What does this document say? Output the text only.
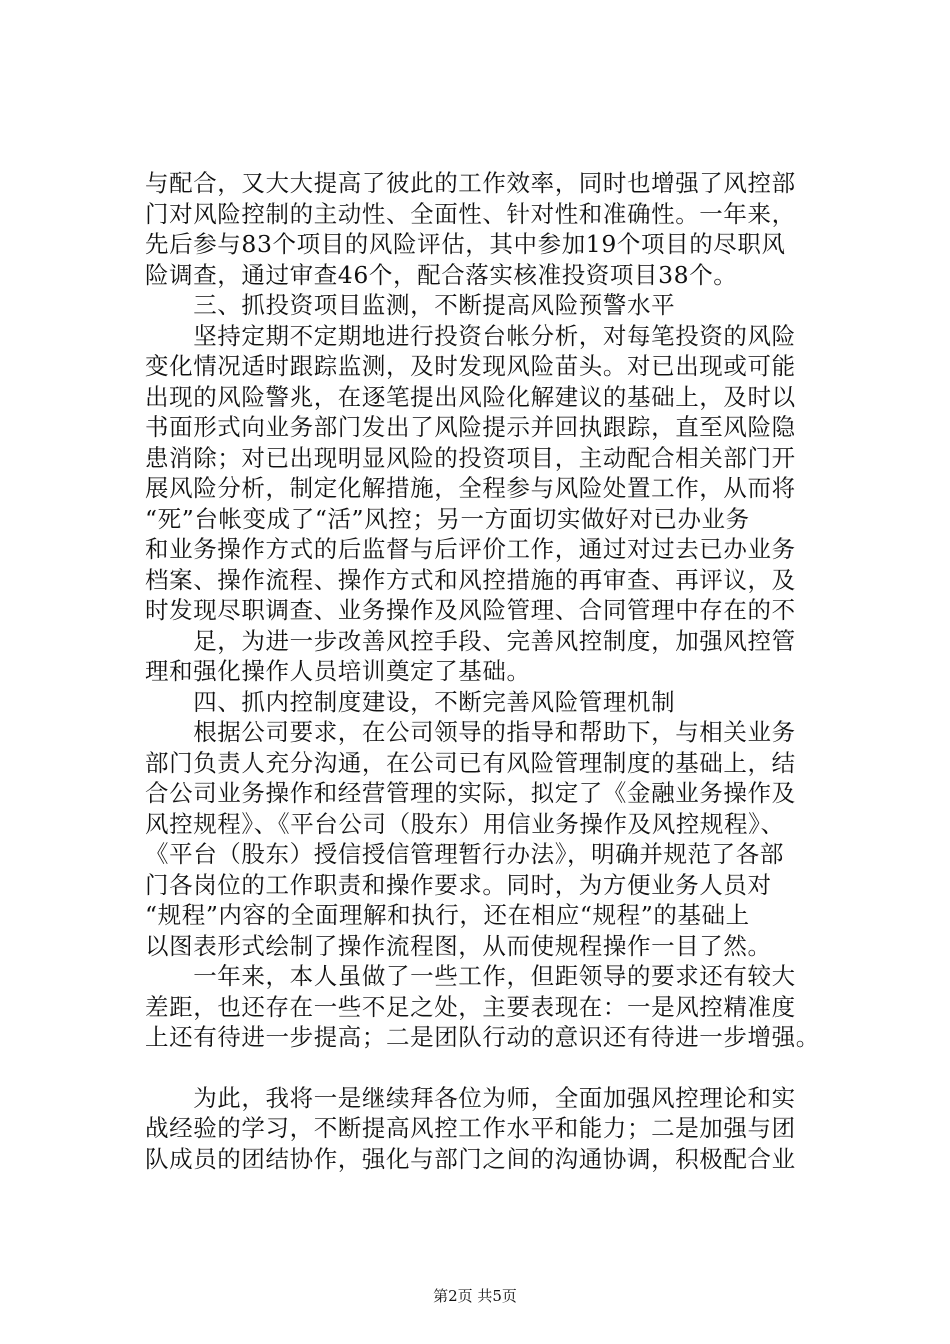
与配合，又大大提高了彼此的工作效率，同时也增强了风控部
门对风险控制的主动性、全面性、针对性和准确性。一年来，
先后参与83个项目的风险评估，其中参加19个项目的尽职风
险调查，通过审查46个，配合落实核准投资项目38个。
　　三、抓投资项目监测，不断提高风险预警水平
　　坚持定期不定期地进行投资台帐分析，对每笔投资的风险
变化情况适时跟踪监测，及时发现风险苗头。对已出现或可能
出现的风险警兆，在逐笔提出风险化解建议的基础上，及时以
书面形式向业务部门发出了风险提示并回执跟踪，直至风险隐
患消除；对已出现明显风险的投资项目，主动配合相关部门开
展风险分析，制定化解措施，全程参与风险处置工作，从而将
“死”台帐变成了“活”风控；另一方面切实做好对已办业务
和业务操作方式的后监督与后评价工作，通过对过去已办业务
档案、操作流程、操作方式和风控措施的再审查、再评议，及
时发现尽职调查、业务操作及风险管理、合同管理中存在的不
　　足，为进一步改善风控手段、完善风控制度，加强风控管
理和强化操作人员培训奠定了基础。
　　四、抓内控制度建设，不断完善风险管理机制
　　根据公司要求，在公司领导的指导和帮助下，与相关业务
部门负责人充分沟通，在公司已有风险管理制度的基础上，结
合公司业务操作和经营管理的实际，拟定了《金融业务操作及
风控规程》、《平台公司（股东）用信业务操作及风控规程》、
《平台（股东）授信授信管理暂行办法》，明确并规范了各部
门各岗位的工作职责和操作要求。同时，为方便业务人员对
“规程”内容的全面理解和执行，还在相应“规程”的基础上
以图表形式绘制了操作流程图，从而使规程操作一目了然。
　　一年来，本人虽做了一些工作，但距领导的要求还有较大
差距，也还存在一些不足之处，主要表现在：一是风控精准度
上还有待进一步提高；二是团队行动的意识还有待进一步增强。
　　为此，我将一是继续拜各位为师，全面加强风控理论和实
战经验的学习，不断提高风控工作水平和能力；二是加强与团
队成员的团结协作，强化与部门之间的沟通协调，积极配合业
第2页 共5页
